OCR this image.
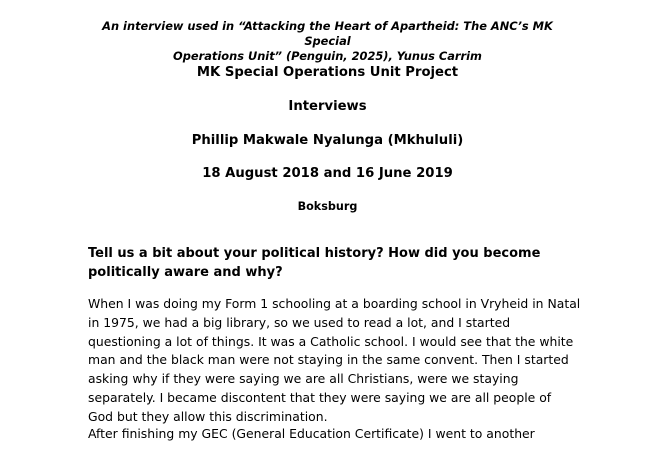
An interview used in “Attacking the Heart of Apartheid: The ANC’s MK Special
Operations Unit” (Penguin, 2025), Yunus Carrim
MK Special Operations Unit Project
Interviews
Phillip Makwale Nyalunga (Mkhululi)
18 August 2018 and 16 June 2019
Boksburg
Tell us a bit about your political history? How did you become
politically aware and why?
When I was doing my Form 1 schooling at a boarding school in Vryheid in Natal
in 1975, we had a big library, so we used to read a lot, and I started
questioning a lot of things. It was a Catholic school. I would see that the white
man and the black man were not staying in the same convent. Then I started
asking why if they were saying we are all Christians, were we staying
separately. I became discontent that they were saying we are all people of
God but they allow this discrimination.
After finishing my GEC (General Education Certificate) I went to another
